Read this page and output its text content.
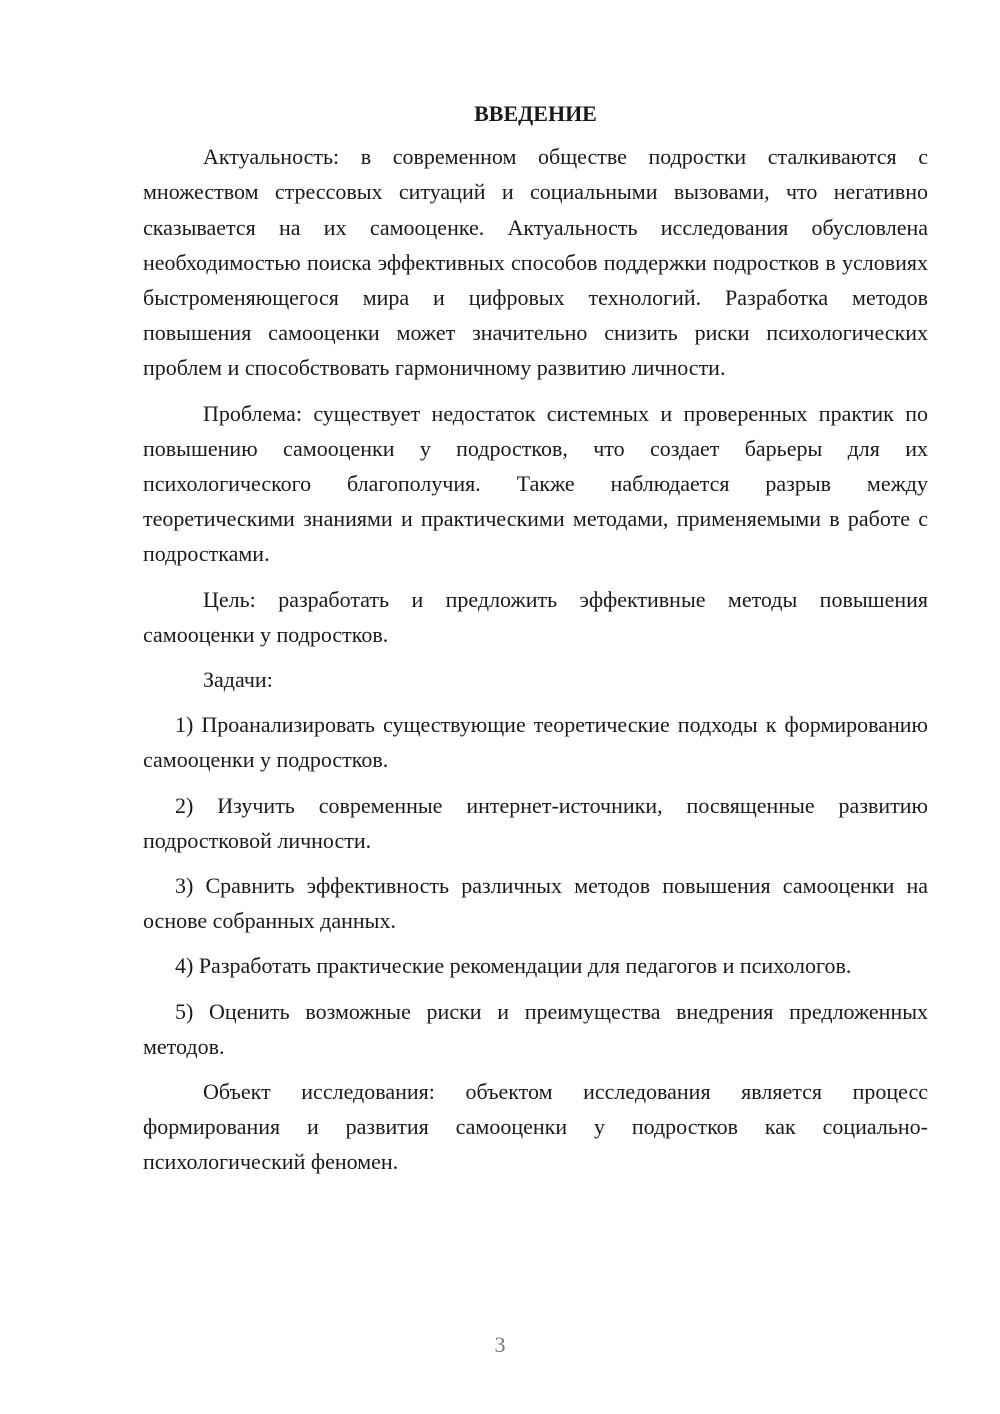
ВВЕДЕНИЕ

Актуальность: в современном обществе подростки сталкиваются с множеством стрессовых ситуаций и социальными вызовами, что негативно сказывается на их самооценке. Актуальность исследования обусловлена необходимостью поиска эффективных способов поддержки подростков в условиях быстроменяющегося мира и цифровых технологий. Разработка методов повышения самооценки может значительно снизить риски психологических проблем и способствовать гармоничному развитию личности.

Проблема: существует недостаток системных и проверенных практик по повышению самооценки у подростков, что создает барьеры для их психологического благополучия. Также наблюдается разрыв между теоретическими знаниями и практическими методами, применяемыми в работе с подростками.

Цель: разработать и предложить эффективные методы повышения самооценки у подростков.

Задачи:

1) Проанализировать существующие теоретические подходы к формированию самооценки у подростков.

2) Изучить современные интернет-источники, посвященные развитию подростковой личности.

3) Сравнить эффективность различных методов повышения самооценки на основе собранных данных.

4) Разработать практические рекомендации для педагогов и психологов.

5) Оценить возможные риски и преимущества внедрения предложенных методов.

Объект исследования: объектом исследования является процесс формирования и развития самооценки у подростков как социально-психологический феномен.

3
